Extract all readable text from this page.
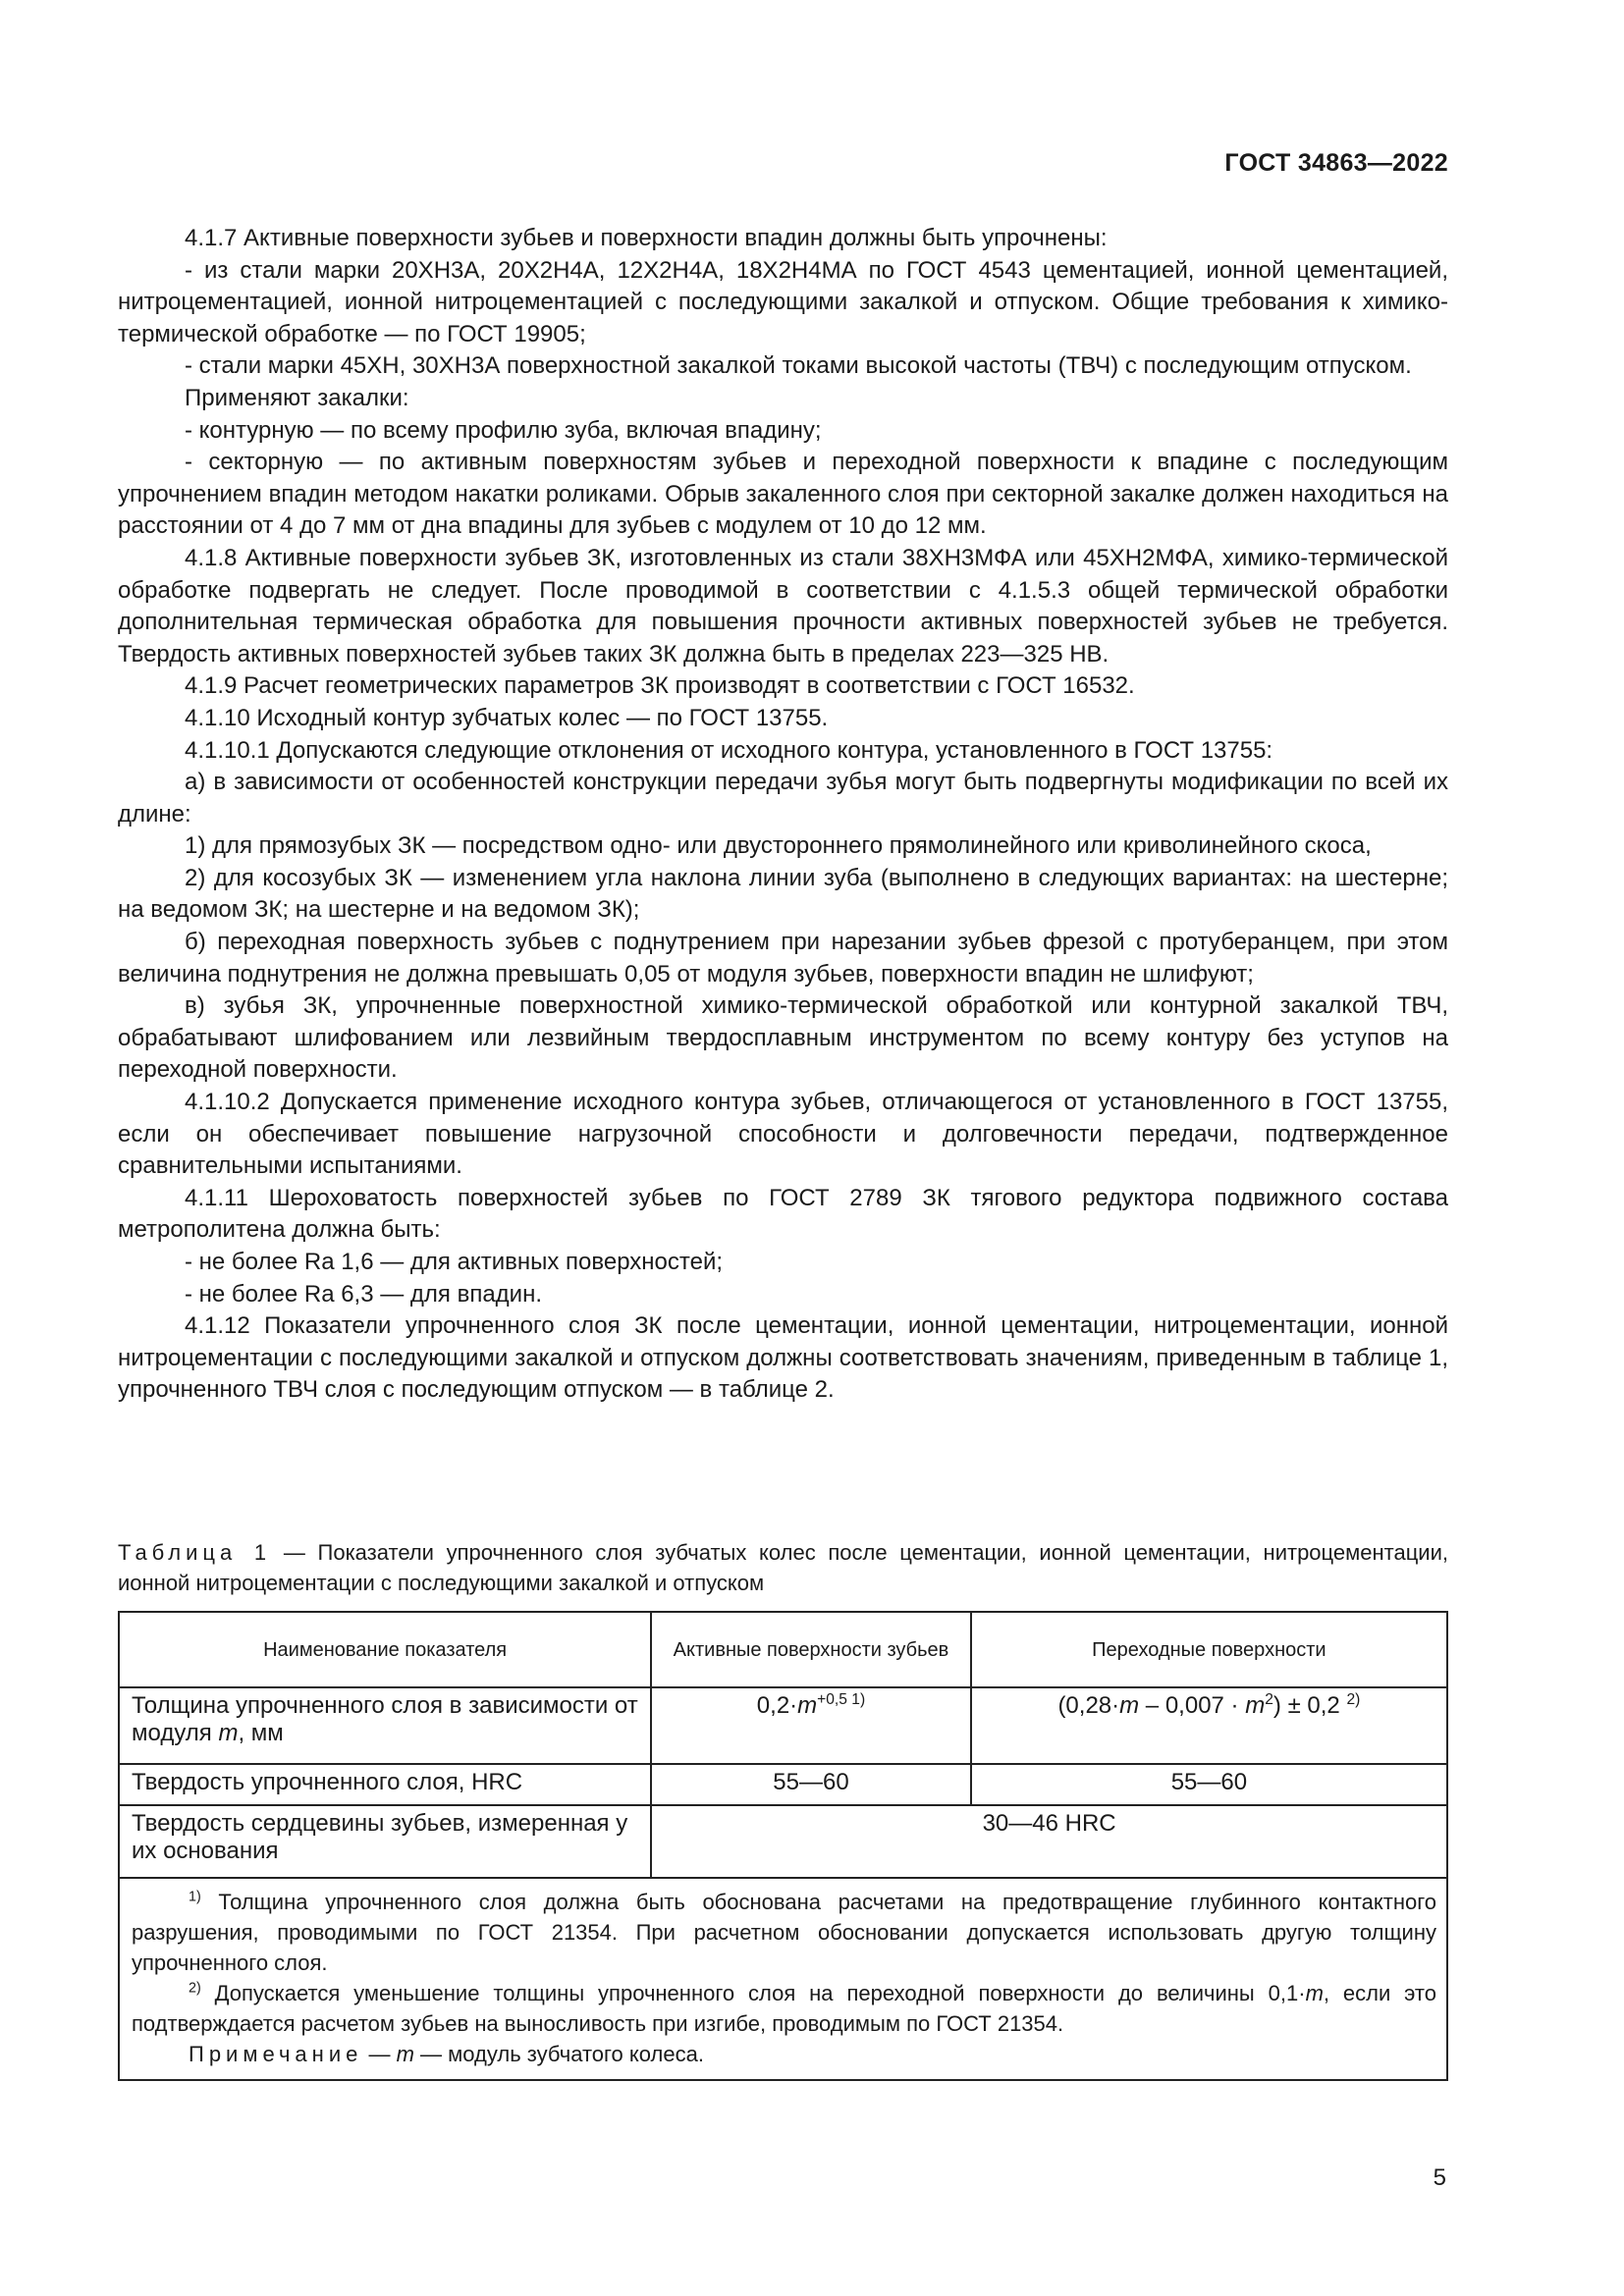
ГОСТ 34863—2022

4.1.7 Активные поверхности зубьев и поверхности впадин должны быть упрочнены:

- из стали марки 20ХН3А, 20Х2Н4А, 12Х2Н4А, 18Х2Н4МА по ГОСТ 4543 цементацией, ионной цементацией, нитроцементацией, ионной нитроцементацией с последующими закалкой и отпуском. Общие требования к химико-термической обработке — по ГОСТ 19905;

- стали марки 45ХН, 30ХН3А поверхностной закалкой токами высокой частоты (ТВЧ) с последующим отпуском.

Применяют закалки:

- контурную — по всему профилю зуба, включая впадину;

- секторную — по активным поверхностям зубьев и переходной поверхности к впадине с последующим упрочнением впадин методом накатки роликами. Обрыв закаленного слоя при секторной закалке должен находиться на расстоянии от 4 до 7 мм от дна впадины для зубьев с модулем от 10 до 12 мм.

4.1.8 Активные поверхности зубьев ЗК, изготовленных из стали 38ХН3МФА или 45ХН2МФА, химико-термической обработке подвергать не следует. После проводимой в соответствии с 4.1.5.3 общей термической обработки дополнительная термическая обработка для повышения прочности активных поверхностей зубьев не требуется. Твердость активных поверхностей зубьев таких ЗК должна быть в пределах 223—325 НВ.

4.1.9 Расчет геометрических параметров ЗК производят в соответствии с ГОСТ 16532.

4.1.10 Исходный контур зубчатых колес — по ГОСТ 13755.

4.1.10.1 Допускаются следующие отклонения от исходного контура, установленного в ГОСТ 13755:

а) в зависимости от особенностей конструкции передачи зубья могут быть подвергнуты модификации по всей их длине:

1) для прямозубых ЗК — посредством одно- или двустороннего прямолинейного или криволинейного скоса,

2) для косозубых ЗК — изменением угла наклона линии зуба (выполнено в следующих вариантах: на шестерне; на ведомом ЗК; на шестерне и на ведомом ЗК);

б) переходная поверхность зубьев с поднутрением при нарезании зубьев фрезой с протуберанцем, при этом величина поднутрения не должна превышать 0,05 от модуля зубьев, поверхности впадин не шлифуют;

в) зубья ЗК, упрочненные поверхностной химико-термической обработкой или контурной закалкой ТВЧ, обрабатывают шлифованием или лезвийным твердосплавным инструментом по всему контуру без уступов на переходной поверхности.

4.1.10.2 Допускается применение исходного контура зубьев, отличающегося от установленного в ГОСТ 13755, если он обеспечивает повышение нагрузочной способности и долговечности передачи, подтвержденное сравнительными испытаниями.

4.1.11 Шероховатость поверхностей зубьев по ГОСТ 2789 ЗК тягового редуктора подвижного состава метрополитена должна быть:

- не более Ra 1,6 — для активных поверхностей;

- не более Ra 6,3 — для впадин.

4.1.12 Показатели упрочненного слоя ЗК после цементации, ионной цементации, нитроцементации, ионной нитроцементации с последующими закалкой и отпуском должны соответствовать значениям, приведенным в таблице 1, упрочненного ТВЧ слоя с последующим отпуском — в таблице 2.

Таблица 1 — Показатели упрочненного слоя зубчатых колес после цементации, ионной цементации, нитроцементации, ионной нитроцементации с последующими закалкой и отпуском
Наименование показателя	Активные поверхности зубьев	Переходные поверхности
Толщина упрочненного слоя в зависимости от модуля m, мм	$0,2\cdot m^{+0,5 1)}$	$(0,28\cdot m - 0,007 \cdot m^2) \pm 0,2$ $^{2)}$
Твердость упрочненного слоя, HRC	55—60	55—60
Твердость сердцевины зубьев, измеренная у их основания	30—46 HRC	

$^{1)}$ Толщина упрочненного слоя должна быть обоснована расчетами на предотвращение глубинного контактного разрушения, проводимыми по ГОСТ 21354. При расчетном обосновании допускается использовать другую толщину упрочненного слоя.

$^{2)}$ Допускается уменьшение толщины упрочненного слоя на переходной поверхности до величины 0,1·m, если это подтверждается расчетом зубьев на выносливость при изгибе, проводимым по ГОСТ 21354.

Примечание — m — модуль зубчатого колеса.		

5
